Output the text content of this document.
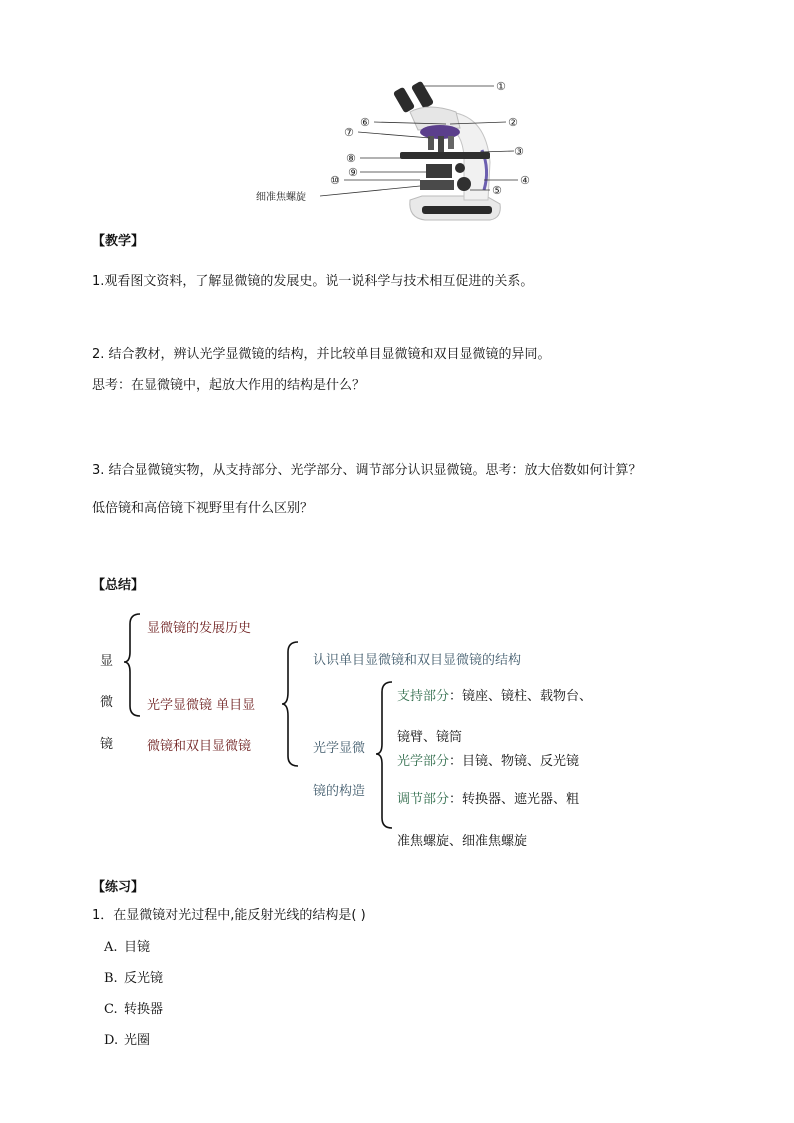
①
②
③
④
⑤
⑥
⑦
⑧
⑨
⑩
细准焦螺旋
【教学】
1.观看图文资料，了解显微镜的发展史。说一说科学与技术相互促进的关系。
2. 结合教材，辨认光学显微镜的结构，并比较单目显微镜和双目显微镜的异同。
思考：在显微镜中，起放大作用的结构是什么？
3. 结合显微镜实物，从支持部分、光学部分、调节部分认识显微镜。思考：放大倍数如何计算？
低倍镜和高倍镜下视野里有什么区别？
【总结】
显
微
镜
显微镜的发展历史
光学显微镜 单目显
微镜和双目显微镜
认识单目显微镜和双目显微镜的结构
光学显微
镜的构造
支持部分：镜座、镜柱、载物台、
镜臂、镜筒
光学部分：目镜、物镜、反光镜
调节部分：转换器、遮光器、粗
准焦螺旋、细准焦螺旋
【练习】
1．在显微镜对光过程中,能反射光线的结构是( )
A. 目镜
B. 反光镜
C. 转换器
D. 光圈
